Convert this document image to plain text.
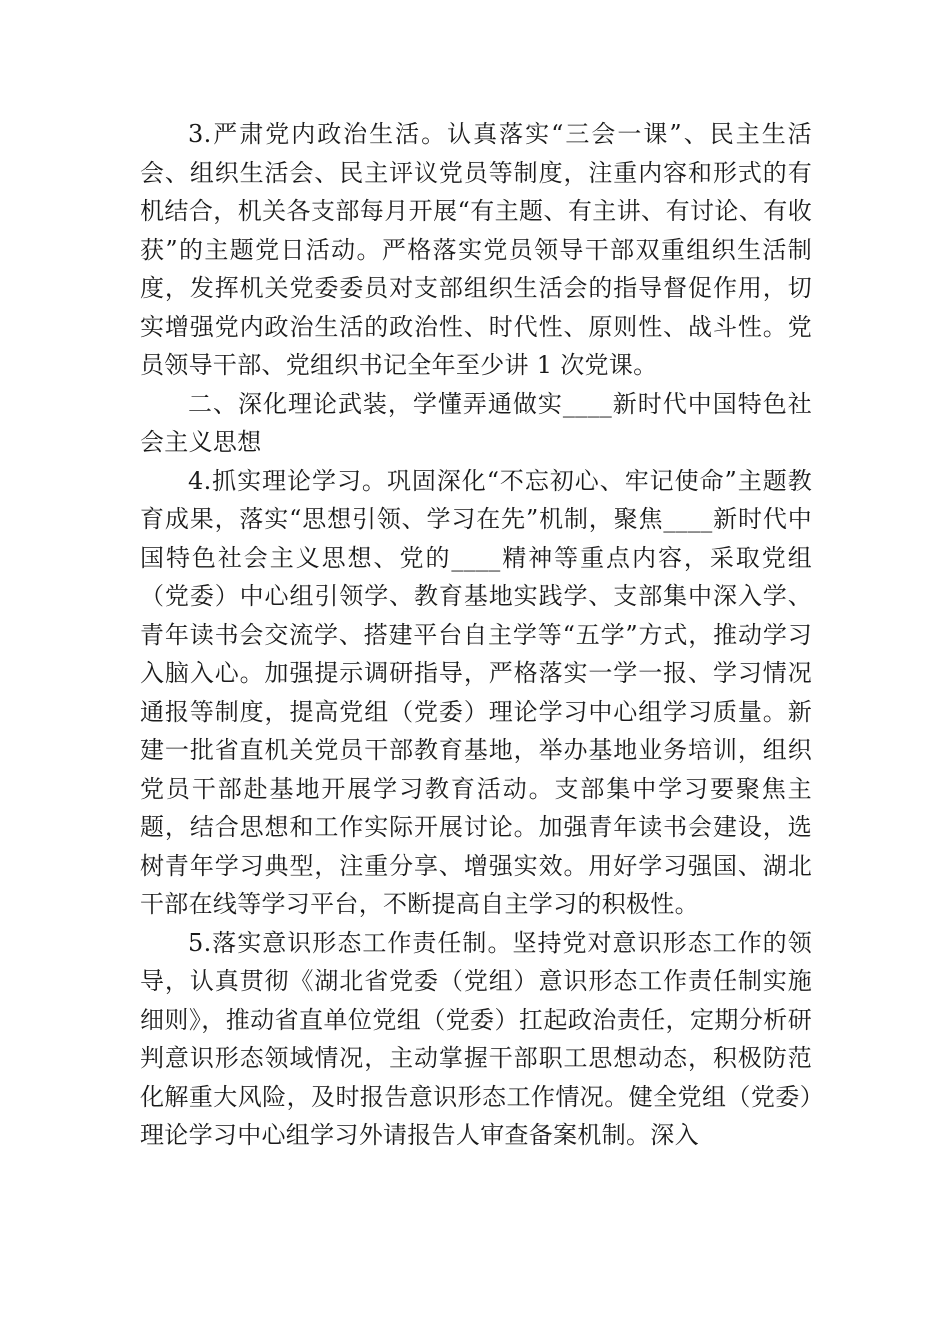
3.严肃党内政治生活。认真落实“三会一课”、民主生活会、组织生活会、民主评议党员等制度，注重内容和形式的有机结合，机关各支部每月开展“有主题、有主讲、有讨论、有收获”的主题党日活动。严格落实党员领导干部双重组织生活制度，发挥机关党委委员对支部组织生活会的指导督促作用，切实增强党内政治生活的政治性、时代性、原则性、战斗性。党员领导干部、党组织书记全年至少讲 1 次党课。

二、深化理论武装，学懂弄通做实____新时代中国特色社会主义思想

4.抓实理论学习。巩固深化“不忘初心、牢记使命”主题教育成果，落实“思想引领、学习在先”机制，聚焦____新时代中国特色社会主义思想、党的____精神等重点内容，采取党组（党委）中心组引领学、教育基地实践学、支部集中深入学、青年读书会交流学、搭建平台自主学等“五学”方式，推动学习入脑入心。加强提示调研指导，严格落实一学一报、学习情况通报等制度，提高党组（党委）理论学习中心组学习质量。新建一批省直机关党员干部教育基地，举办基地业务培训，组织党员干部赴基地开展学习教育活动。支部集中学习要聚焦主题，结合思想和工作实际开展讨论。加强青年读书会建设，选树青年学习典型，注重分享、增强实效。用好学习强国、湖北干部在线等学习平台，不断提高自主学习的积极性。

5.落实意识形态工作责任制。坚持党对意识形态工作的领导，认真贯彻《湖北省党委（党组）意识形态工作责任制实施细则》，推动省直单位党组（党委）扛起政治责任，定期分析研判意识形态领域情况，主动掌握干部职工思想动态，积极防范化解重大风险，及时报告意识形态工作情况。健全党组（党委）理论学习中心组学习外请报告人审查备案机制。深入
